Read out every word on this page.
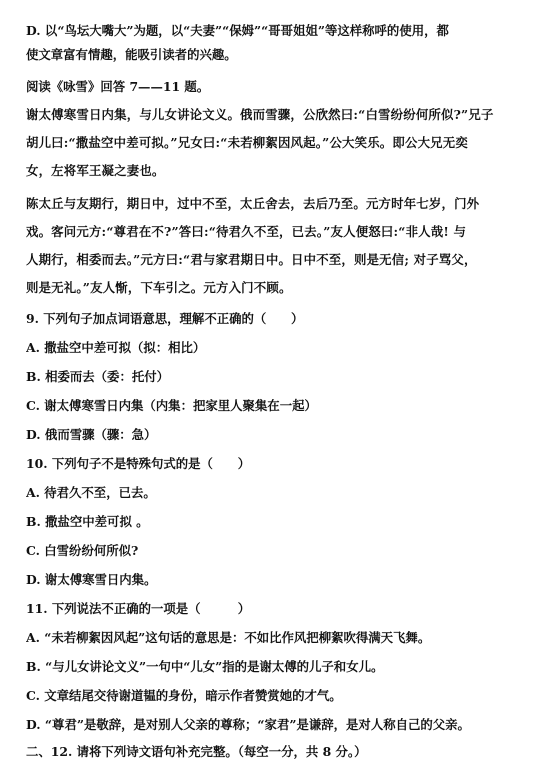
D. 以“鸟坛大嘴大”为题，以“夫妻”“保姆”“哥哥姐姐”等这样称呼的使用，都
使文章富有情趣，能吸引读者的兴趣。
阅读《咏雪》回答 7——11 题。
谢太傅寒雪日内集，与儿女讲论文义。俄而雪骤，公欣然曰:“白雪纷纷何所似?”兄子
胡儿曰:“撒盐空中差可拟。”兄女曰:“未若柳絮因风起。”公大笑乐。即公大兄无奕
女，左将军王凝之妻也。
陈太丘与友期行，期日中，过中不至，太丘舍去，去后乃至。元方时年七岁，门外
戏。客问元方:“尊君在不?”答曰:“待君久不至，已去。”友人便怒曰:“非人哉! 与
人期行，相委而去。”元方曰:“君与家君期日中。日中不至，则是无信; 对子骂父，
则是无礼。”友人惭，下车引之。元方入门不顾。
9. 下列句子加点词语意思，理解不正确的（　　）
A. 撒盐空中差可拟（拟：相比）
B. 相委而去（委：托付）
C. 谢太傅寒雪日内集（内集：把家里人聚集在一起）
D. 俄而雪骤（骤：急）
10. 下列句子不是特殊句式的是（　　）
A. 待君久不至，已去。
B. 撒盐空中差可拟 。
C. 白雪纷纷何所似?
D. 谢太傅寒雪日内集。
11. 下列说法不正确的一项是（　　　）
A. “未若柳絮因风起”这句话的意思是：不如比作风把柳絮吹得满天飞舞。
B. “与儿女讲论文义”一句中“儿女”指的是谢太傅的儿子和女儿。
C. 文章结尾交待谢道韫的身份，暗示作者赞赏她的才气。
D. “尊君”是敬辞，是对别人父亲的尊称；“家君”是谦辞，是对人称自己的父亲。
二、12. 请将下列诗文语句补充完整。（每空一分，共 8 分。）
